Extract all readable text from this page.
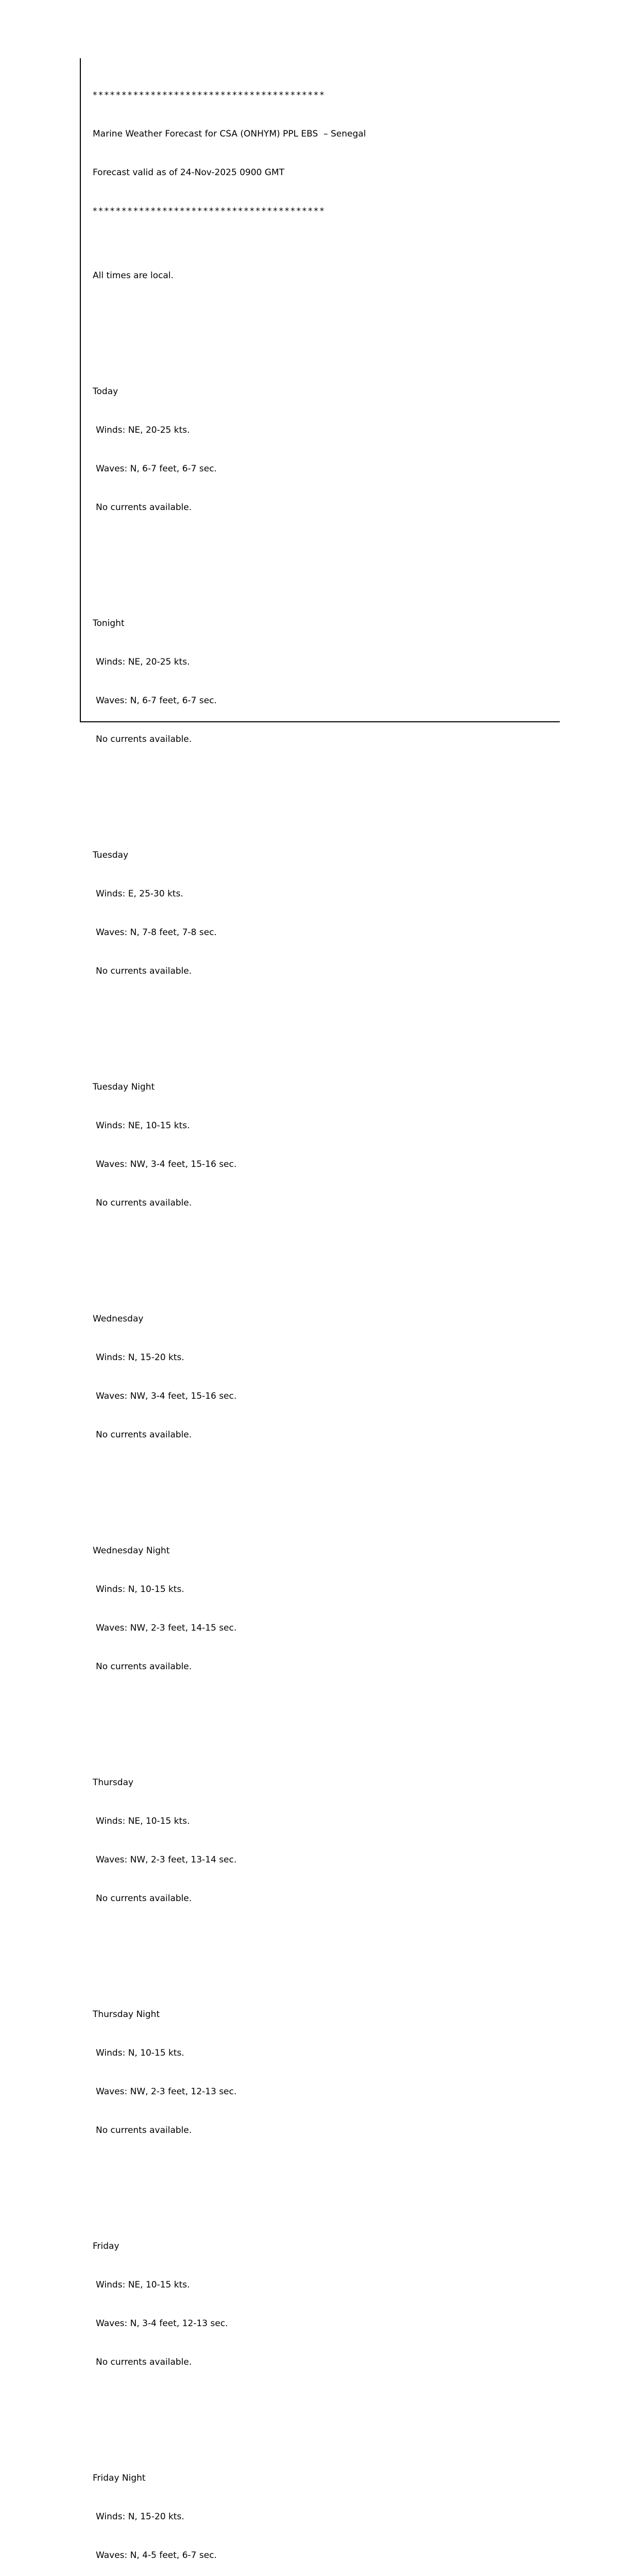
****************************************

Marine Weather Forecast for CSA (ONHYM) PPL EBS  – Senegal

Forecast valid as of 24-Nov-2025 0900 GMT

****************************************

All times are local.

Today

Winds: NE, 20-25 kts.

Waves: N, 6-7 feet, 6-7 sec.

No currents available.

Tonight

Winds: NE, 20-25 kts.

Waves: N, 6-7 feet, 6-7 sec.

No currents available.

Tuesday

Winds: E, 25-30 kts.

Waves: N, 7-8 feet, 7-8 sec.

No currents available.

Tuesday Night

Winds: NE, 10-15 kts.

Waves: NW, 3-4 feet, 15-16 sec.

No currents available.

Wednesday

Winds: N, 15-20 kts.

Waves: NW, 3-4 feet, 15-16 sec.

No currents available.

Wednesday Night

Winds: N, 10-15 kts.

Waves: NW, 2-3 feet, 14-15 sec.

No currents available.

Thursday

Winds: NE, 10-15 kts.

Waves: NW, 2-3 feet, 13-14 sec.

No currents available.

Thursday Night

Winds: N, 10-15 kts.

Waves: NW, 2-3 feet, 12-13 sec.

No currents available.

Friday

Winds: NE, 10-15 kts.

Waves: N, 3-4 feet, 12-13 sec.

No currents available.

Friday Night

Winds: N, 15-20 kts.

Waves: N, 4-5 feet, 6-7 sec.
